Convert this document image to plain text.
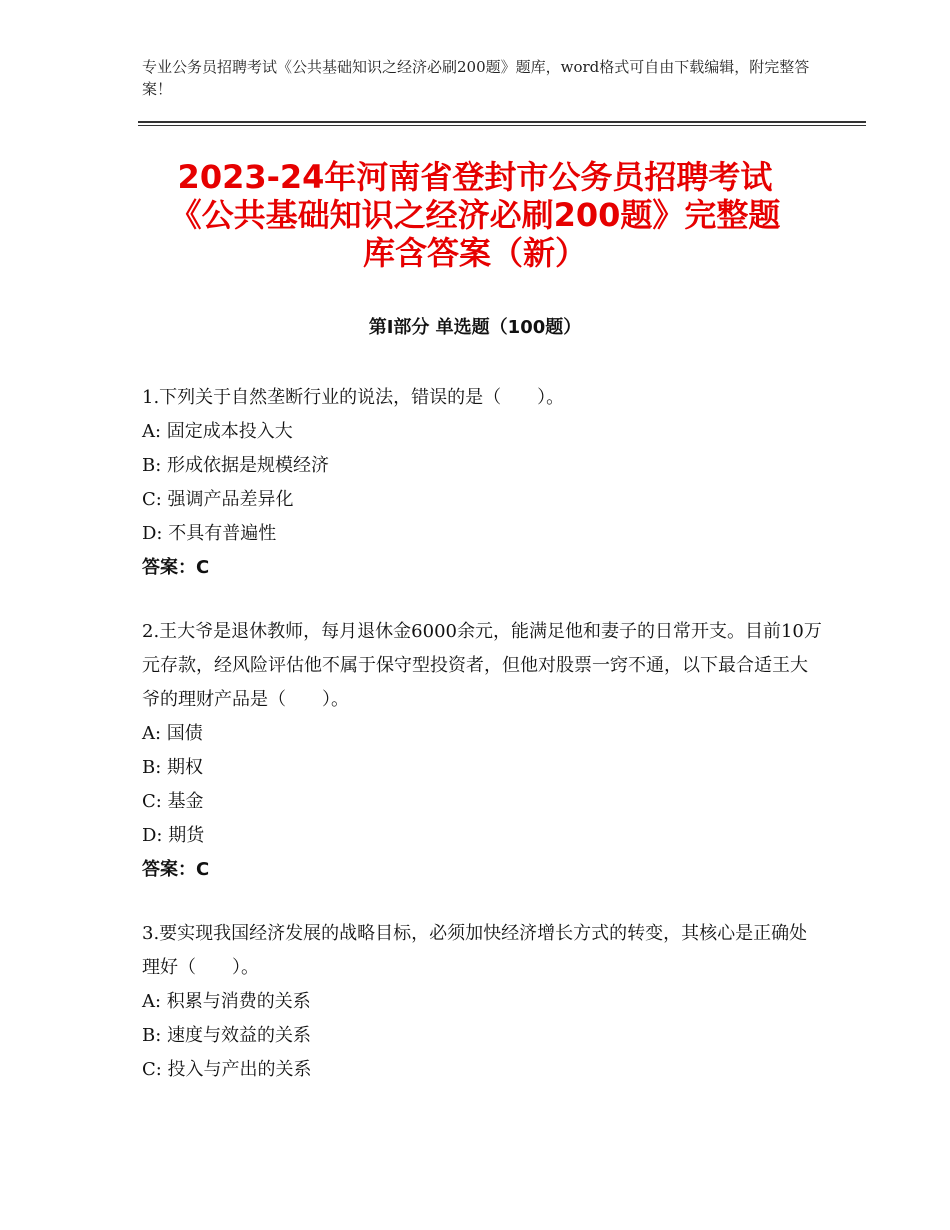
专业公务员招聘考试《公共基础知识之经济必刷200题》题库，word格式可自由下载编辑，附完整答案！
2023-24年河南省登封市公务员招聘考试
《公共基础知识之经济必刷200题》完整题
库含答案（新）
第Ⅰ部分 单选题（100题）

1.下列关于自然垄断行业的说法，错误的是（　　）。

A: 固定成本投入大

B: 形成依据是规模经济

C: 强调产品差异化

D: 不具有普遍性

答案：C

2.王大爷是退休教师，每月退休金6000余元，能满足他和妻子的日常开支。目前10万元存款，经风险评估他不属于保守型投资者，但他对股票一窍不通，以下最合适王大爷的理财产品是（　　）。

A: 国债

B: 期权

C: 基金

D: 期货

答案：C

3.要实现我国经济发展的战略目标，必须加快经济增长方式的转变，其核心是正确处理好（　　）。

A: 积累与消费的关系

B: 速度与效益的关系

C: 投入与产出的关系
